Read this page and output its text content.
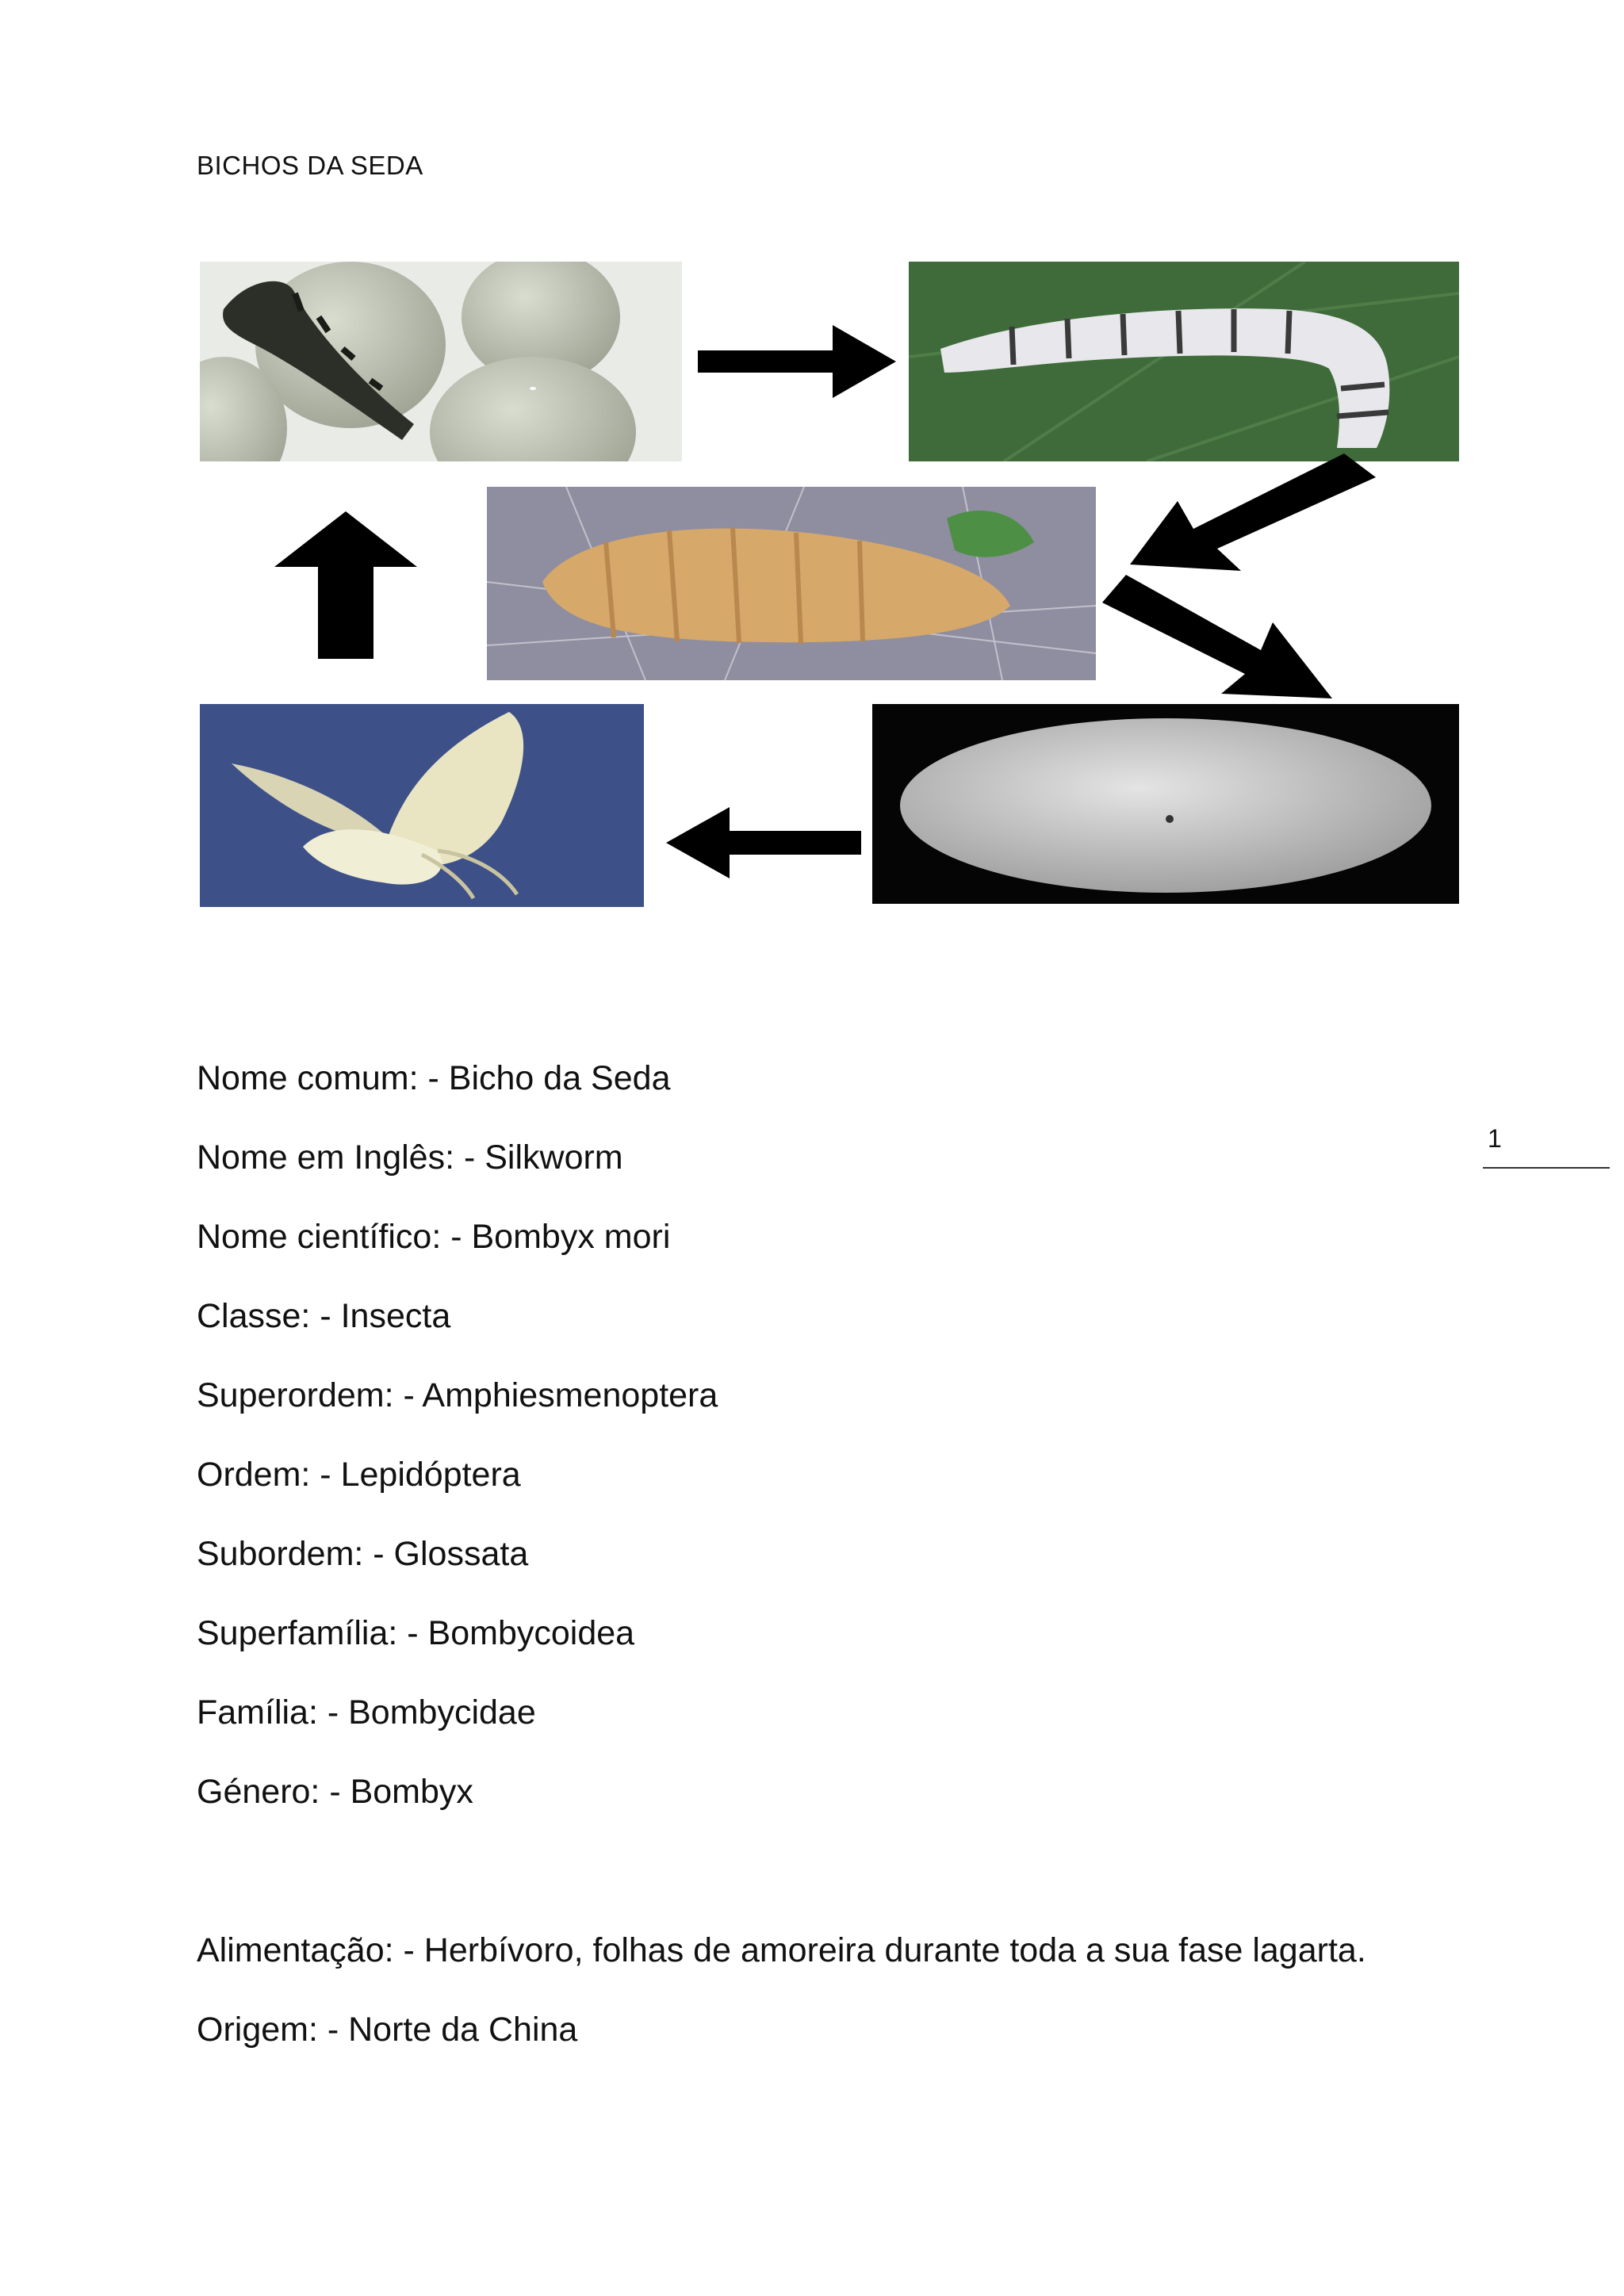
BICHOS DA SEDA
Nome comum: - Bicho da Seda
Nome em Inglês: - Silkworm
Nome científico: - Bombyx mori
Classe: - Insecta
Superordem: - Amphiesmenoptera
Ordem: - Lepidóptera
Subordem: - Glossata
Superfamília: - Bombycoidea
Família: - Bombycidae
Género: - Bombyx
Alimentação: - Herbívoro, folhas de amoreira durante toda a sua fase lagarta.
Origem: - Norte da China
1
